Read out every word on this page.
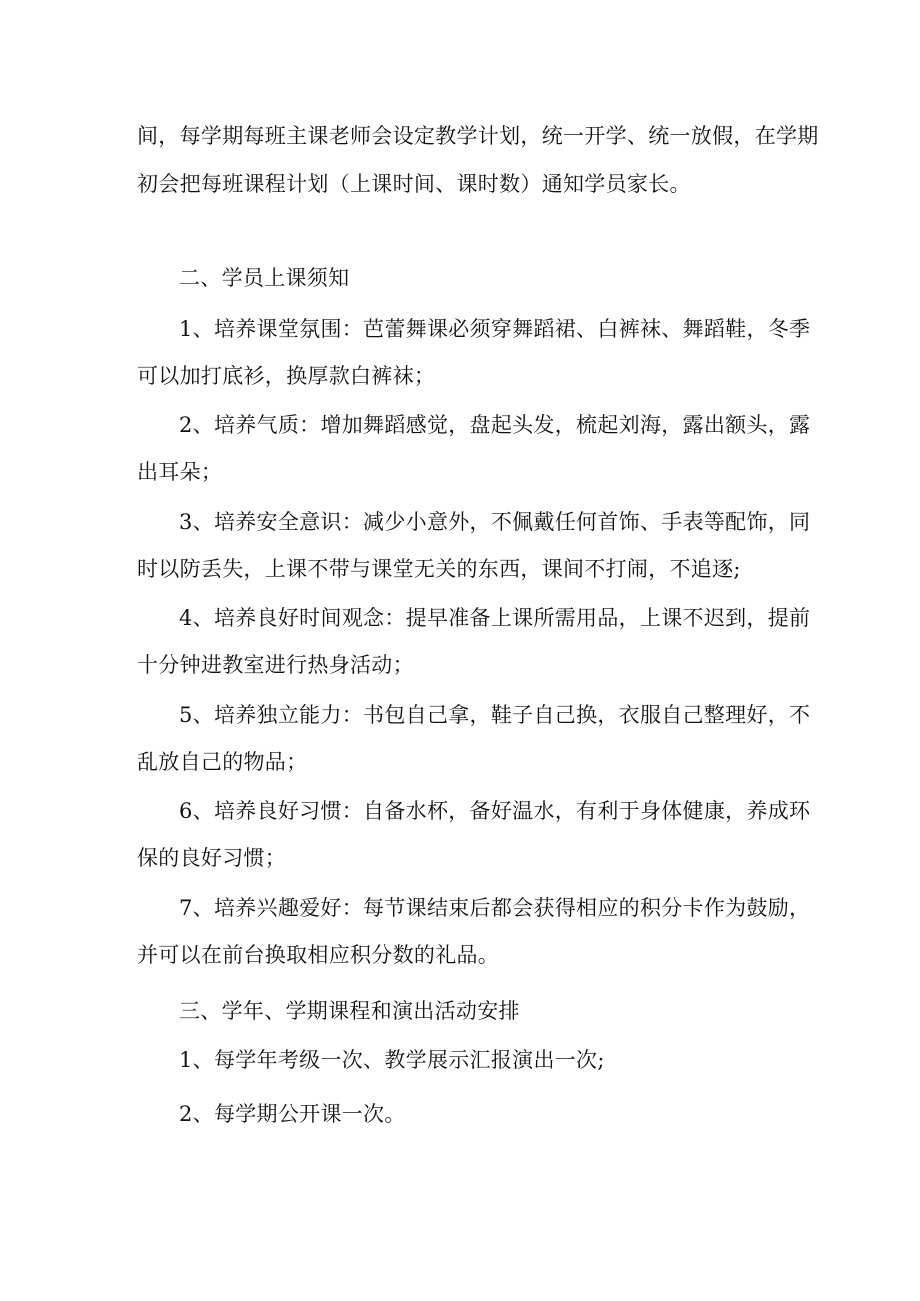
间，每学期每班主课老师会设定教学计划，统一开学、统一放假，在学期

初会把每班课程计划（上课时间、课时数）通知学员家长。

二、学员上课须知

1、培养课堂氛围：芭蕾舞课必须穿舞蹈裙、白裤袜、舞蹈鞋，冬季

可以加打底衫，换厚款白裤袜；

2、培养气质：增加舞蹈感觉，盘起头发，梳起刘海，露出额头，露

出耳朵；

3、培养安全意识：减少小意外，不佩戴任何首饰、手表等配饰，同

时以防丢失，上课不带与课堂无关的东西，课间不打闹，不追逐;

4、培养良好时间观念：提早准备上课所需用品，上课不迟到，提前

十分钟进教室进行热身活动；

5、培养独立能力：书包自己拿，鞋子自己换，衣服自己整理好，不

乱放自己的物品；

6、培养良好习惯：自备水杯，备好温水，有利于身体健康，养成环

保的良好习惯；

7、培养兴趣爱好：每节课结束后都会获得相应的积分卡作为鼓励，

并可以在前台换取相应积分数的礼品。

三、学年、学期课程和演出活动安排

1、每学年考级一次、教学展示汇报演出一次;

2、每学期公开课一次。
